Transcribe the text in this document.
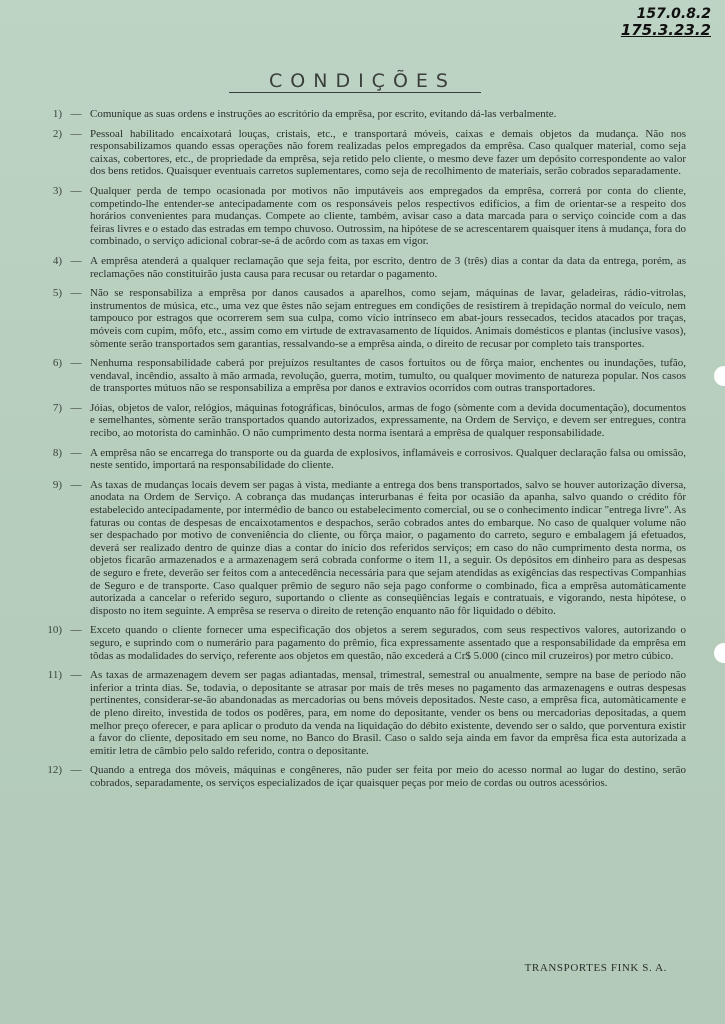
157.0.8.2
175.3.23.2
CONDIÇÕES
1) — Comunique as suas ordens e instruções ao escritório da emprêsa, por escrito, evitando dá-las verbalmente.
2) — Pessoal habilitado encaixotará louças, cristais, etc., e transportará móveis, caixas e demais objetos da mudança. Não nos responsabilizamos quando essas operações não forem realizadas pelos empregados da emprêsa. Caso qualquer material, como seja caixas, cobertores, etc., de propriedade da emprêsa, seja retido pelo cliente, o mesmo deve fazer um depósito correspondente ao valor dos bens retidos. Quaisquer eventuais carretos suplementares, como seja de recolhimento de materiais, serão cobrados separadamente.
3) — Qualquer perda de tempo ocasionada por motivos não imputáveis aos empregados da emprêsa, correrá por conta do cliente, competindo-lhe entender-se antecipadamente com os responsáveis pelos respectivos edifícios, a fim de orientar-se a respeito dos horários convenientes para mudanças. Compete ao cliente, também, avisar caso a data marcada para o serviço coincide com a das feiras livres e o estado das estradas em tempo chuvoso. Outrossim, na hipótese de se acrescentarem quaisquer itens à mudança, fora do combinado, o serviço adicional cobrar-se-á de acôrdo com as taxas em vigor.
4) — A emprêsa atenderá a qualquer reclamação que seja feita, por escrito, dentro de 3 (três) dias a contar da data da entrega, porém, as reclamações não constituirão justa causa para recusar ou retardar o pagamento.
5) — Não se responsabiliza a emprêsa por danos causados a aparelhos, como sejam, máquinas de lavar, geladeiras, rádio-vitrolas, instrumentos de música, etc., uma vez que êstes não sejam entregues em condições de resistirem à trepidação normal do veículo, nem tampouco por estragos que ocorrerem sem sua culpa, como vício intrínseco em abat-jours ressecados, tecidos atacados por traças, móveis com cupim, môfo, etc., assim como em virtude de extravasamento de líquidos. Animais domésticos e plantas (inclusive vasos), sòmente serão transportados sem garantias, ressalvando-se a emprêsa ainda, o direito de recusar por completo tais transportes.
6) — Nenhuma responsabilidade caberá por prejuízos resultantes de casos fortuitos ou de fôrça maior, enchentes ou inundações, tufão, vendaval, incêndio, assalto à mão armada, revolução, guerra, motim, tumulto, ou qualquer movimento de natureza popular. Nos casos de transportes mútuos não se responsabiliza a emprêsa por danos e extravios ocorridos com outras transportadores.
7) — Jóias, objetos de valor, relógios, máquinas fotográficas, binóculos, armas de fogo (sòmente com a devida documentação), documentos e semelhantes, sòmente serão transportados quando autorizados, expressamente, na Ordem de Serviço, e devem ser entregues, contra recibo, ao motorista do caminhão. O não cumprimento desta norma isentará a emprêsa de qualquer responsabilidade.
8) — A emprêsa não se encarrega do transporte ou da guarda de explosivos, inflamáveis e corrosivos. Qualquer declaração falsa ou omissão, neste sentido, importará na responsabilidade do cliente.
9) — As taxas de mudanças locais devem ser pagas à vista, mediante a entrega dos bens transportados, salvo se houver autorização diversa, anodata na Ordem de Serviço. A cobrança das mudanças interurbanas é feita por ocasião da apanha, salvo quando o crédito fôr estabelecido antecipadamente, por intermédio de banco ou estabelecimento comercial, ou se o conhecimento indicar "entrega livre". As faturas ou contas de despesas de encaixotamentos e despachos, serão cobrados antes do embarque. No caso de qualquer volume não ser despachado por motivo de conveniência do cliente, ou fôrça maior, o pagamento do carreto, seguro e embalagem já efetuados, deverá ser realizado dentro de quinze dias a contar do início dos referidos serviços; em caso do não cumprimento desta norma, os objetos ficarão armazenados e a armazenagem será cobrada conforme o item 11, a seguir. Os depósitos em dinheiro para as despesas de seguro e frete, deverão ser feitos com a antecedência necessária para que sejam atendidas as exigências das respectivas Companhias de Seguro e de transporte. Caso qualquer prêmio de seguro não seja pago conforme o combinado, fica a emprêsa automàticamente autorizada a cancelar o referido seguro, suportando o cliente as conseqüências legais e contratuais, e vigorando, nesta hipótese, o disposto no item seguinte. A emprêsa se reserva o direito de retenção enquanto não fôr liquidado o débito.
10) — Exceto quando o cliente fornecer uma especificação dos objetos a serem segurados, com seus respectivos valores, autorizando o seguro, e suprindo com o numerário para pagamento do prêmio, fica expressamente assentado que a responsabilidade da emprêsa em tôdas as modalidades do serviço, referente aos objetos em questão, não excederá a Cr$ 5.000 (cinco mil cruzeiros) por metro cúbico.
11) — As taxas de armazenagem devem ser pagas adiantadas, mensal, trimestral, semestral ou anualmente, sempre na base de período não inferior a trinta dias. Se, todavia, o depositante se atrasar por mais de três meses no pagamento das armazenagens e outras despesas pertinentes, considerar-se-ão abandonadas as mercadorias ou bens móveis depositados. Neste caso, a emprêsa fica, automàticamente e de pleno direito, investida de todos os podêres, para, em nome do depositante, vender os bens ou mercadorias depositadas, a quem melhor preço oferecer, e para aplicar o produto da venda na liquidação do débito existente, devendo ser o saldo, que porventura existir a favor do cliente, depositado em seu nome, no Banco do Brasil. Caso o saldo seja ainda em favor da emprêsa fica esta autorizada a emitir letra de câmbio pelo saldo referido, contra o depositante.
12) — Quando a entrega dos móveis, máquinas e congêneres, não puder ser feita por meio do acesso normal ao lugar do destino, serão cobrados, separadamente, os serviços especializados de içar quaisquer peças por meio de cordas ou outros acessórios.
TRANSPORTES FINK S. A.
